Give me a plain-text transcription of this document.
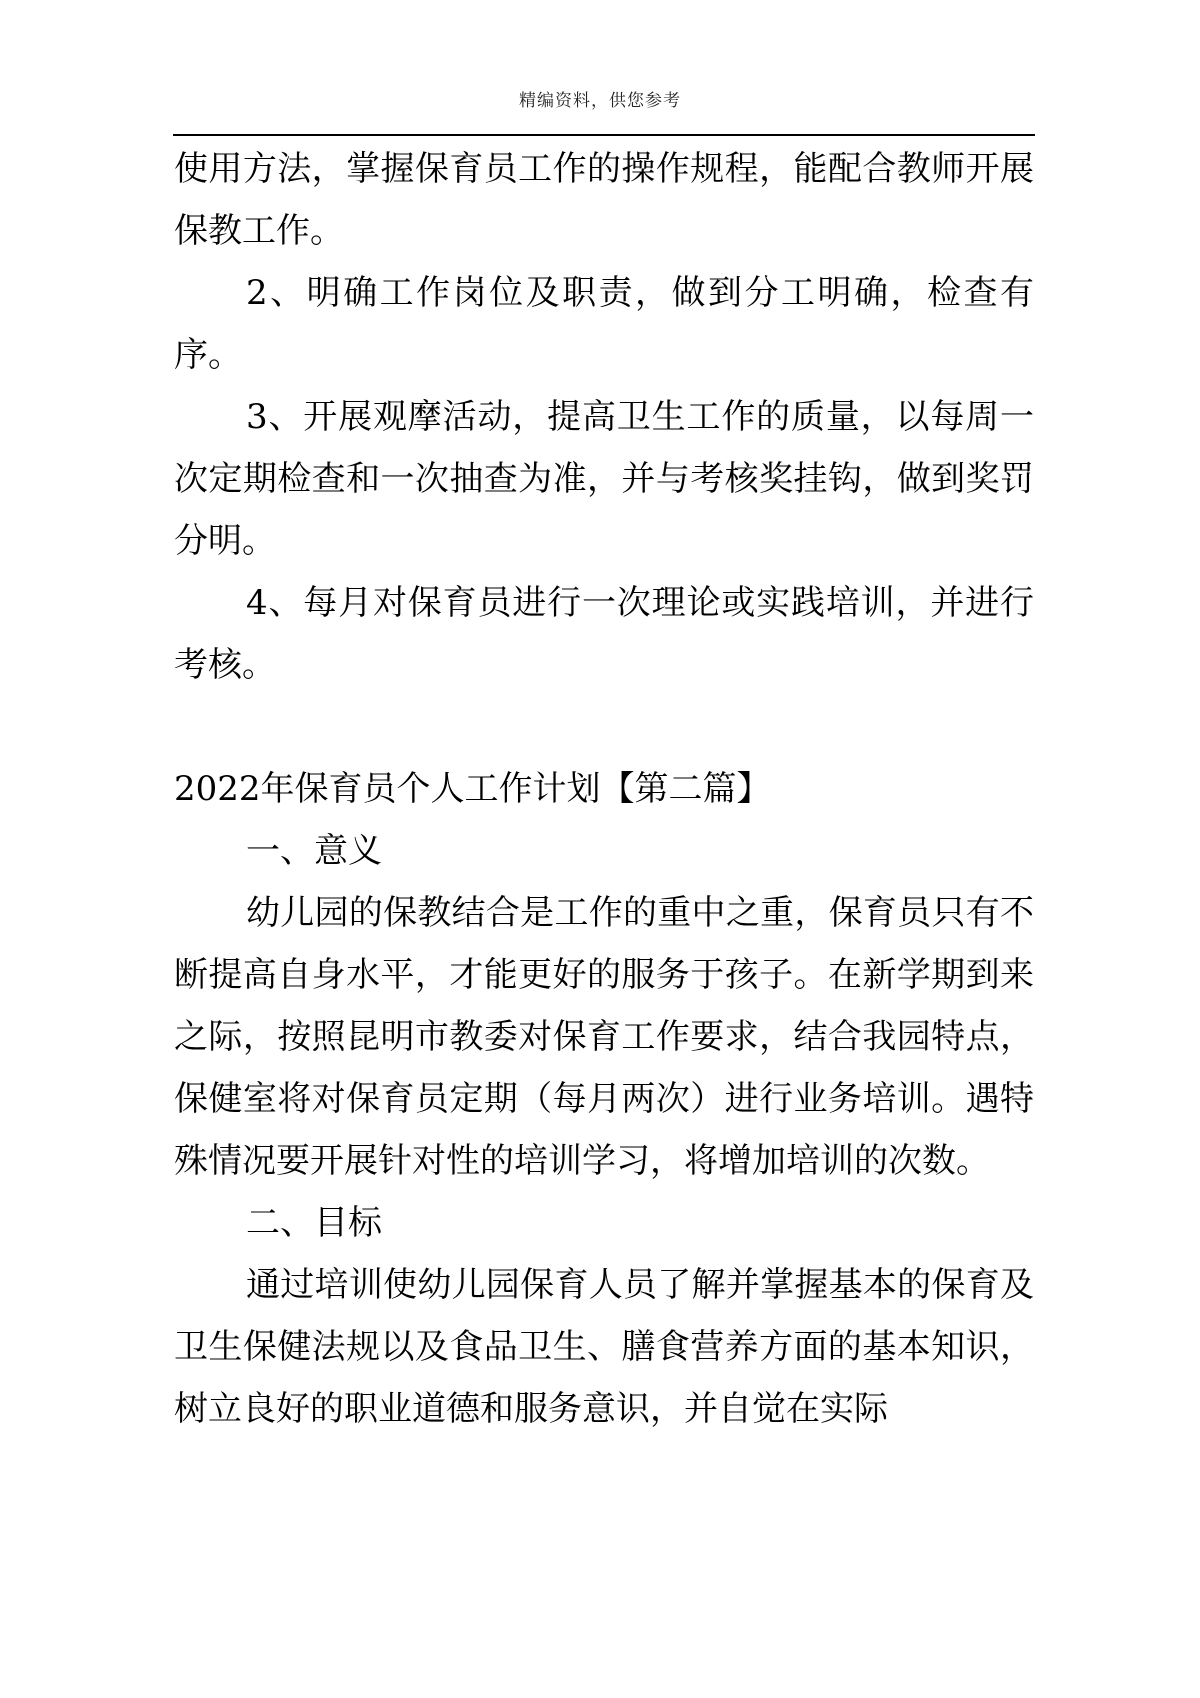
精编资料，供您参考

使用方法，掌握保育员工作的操作规程，能配合教师开展保教工作。

2、明确工作岗位及职责，做到分工明确，检查有序。

3、开展观摩活动，提高卫生工作的质量，以每周一次定期检查和一次抽查为准，并与考核奖挂钩，做到奖罚分明。

4、每月对保育员进行一次理论或实践培训，并进行考核。

2022年保育员个人工作计划【第二篇】

一、意义

幼儿园的保教结合是工作的重中之重，保育员只有不断提高自身水平，才能更好的服务于孩子。在新学期到来之际，按照昆明市教委对保育工作要求，结合我园特点，保健室将对保育员定期（每月两次）进行业务培训。遇特殊情况要开展针对性的培训学习，将增加培训的次数。

二、目标

通过培训使幼儿园保育人员了解并掌握基本的保育及卫生保健法规以及食品卫生、膳食营养方面的基本知识，树立良好的职业道德和服务意识，并自觉在实际
